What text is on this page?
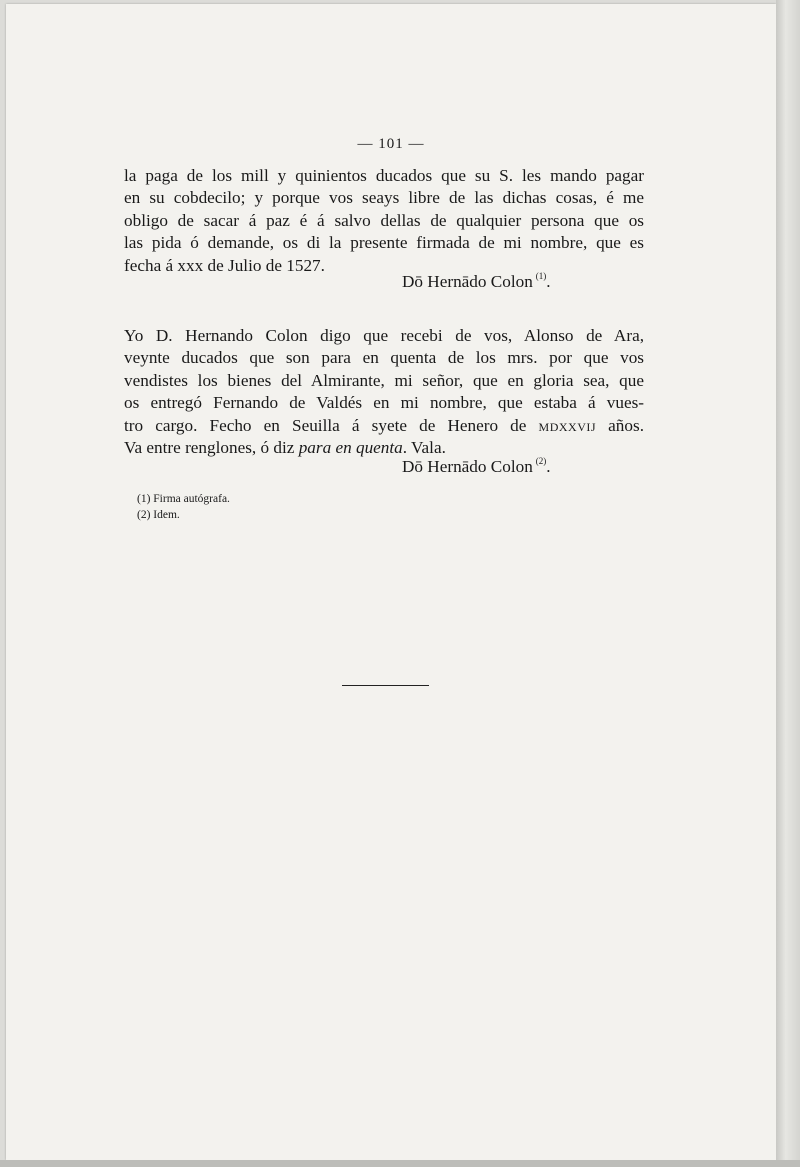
— 101 —
la paga de los mill y quinientos ducados que su S. les mando pagar
en su cobdecilo; y porque vos seays libre de las dichas cosas, é me
obligo de sacar á paz é á salvo dellas de qualquier persona que os
las pida ó demande, os di la presente firmada de mi nombre, que es
fecha á xxx de Julio de 1527.
Dō Hernādo Colon $^{(1)}$.
Yo D. Hernando Colon digo que recebi de vos, Alonso de Ara,
veynte ducados que son para en quenta de los mrs. por que vos
vendistes los bienes del Almirante, mi señor, que en gloria sea, que
os entregó Fernando de Valdés en mi nombre, que estaba á vues-
tro cargo. Fecho en Seuilla á syete de Henero de mdxxvij años.
Va entre renglones, ó diz para en quenta. Vala.
Dō Hernādo Colon $^{(2)}$.
(1) Firma autógrafa.
(2) Idem.
